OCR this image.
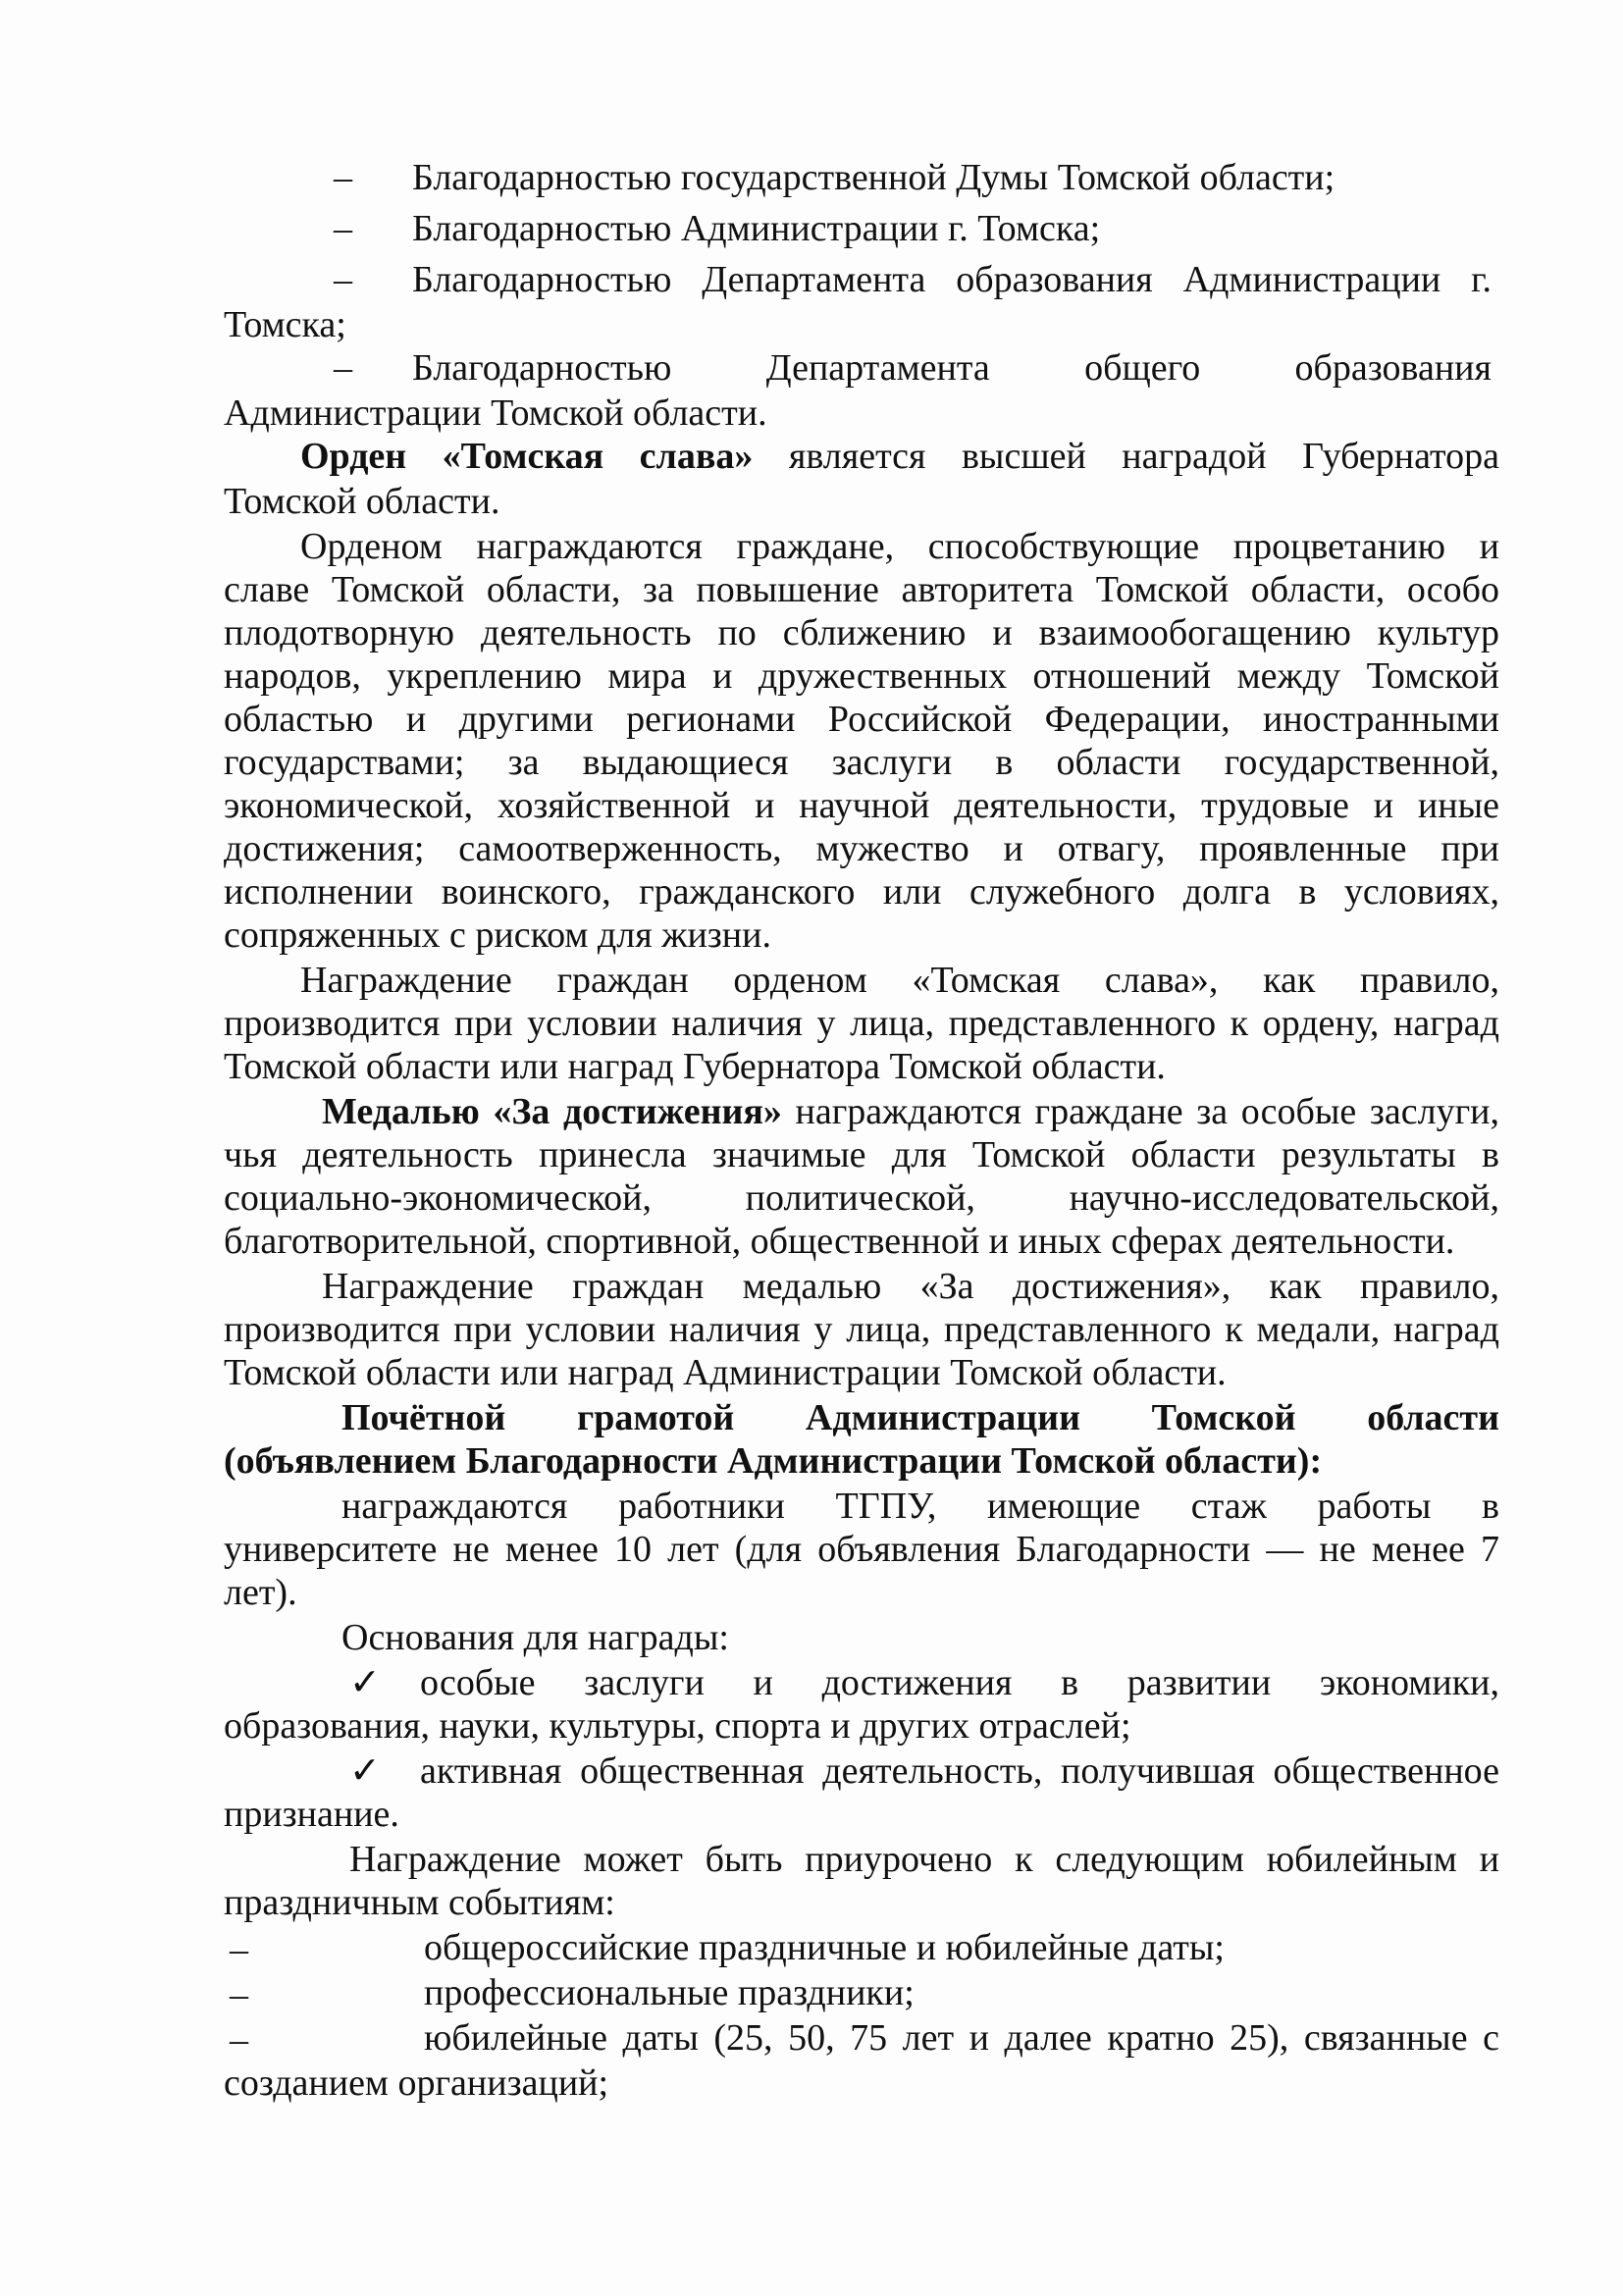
– Благодарностью государственной Думы Томской области;
– Благодарностью Администрации г. Томска;
– Благодарностью Департамента образования Администрации г.
Томска;
– Благодарностью Департамента общего образования
Администрации Томской области.
Орден «Томская слава» является высшей наградой Губернатора
Томской области.
Орденом награждаются граждане, способствующие процветанию и
славе Томской области, за повышение авторитета Томской области, особо
плодотворную деятельность по сближению и взаимообогащению культур
народов, укреплению мира и дружественных отношений между Томской
областью и другими регионами Российской Федерации, иностранными
государствами; за выдающиеся заслуги в области государственной,
экономической, хозяйственной и научной деятельности, трудовые и иные
достижения; самоотверженность, мужество и отвагу, проявленные при
исполнении воинского, гражданского или служебного долга в условиях,
сопряженных с риском для жизни.
Награждение граждан орденом «Томская слава», как правило,
производится при условии наличия у лица, представленного к ордену, наград
Томской области или наград Губернатора Томской области.
Медалью «За достижения» награждаются граждане за особые заслуги,
чья деятельность принесла значимые для Томской области результаты в
социально-экономической, политической, научно-исследовательской,
благотворительной, спортивной, общественной и иных сферах деятельности.
Награждение граждан медалью «За достижения», как правило,
производится при условии наличия у лица, представленного к медали, наград
Томской области или наград Администрации Томской области.
Почётной грамотой Администрации Томской области
(объявлением Благодарности Администрации Томской области):
награждаются работники ТГПУ, имеющие стаж работы в
университете не менее 10 лет (для объявления Благодарности — не менее 7
лет).
Основания для награды:
✓ особые заслуги и достижения в развитии экономики,
образования, науки, культуры, спорта и других отраслей;
✓ активная общественная деятельность, получившая общественное
признание.
Награждение может быть приурочено к следующим юбилейным и
праздничным событиям:
–	общероссийские праздничные и юбилейные даты;
–	профессиональные праздники;
–	юбилейные даты (25, 50, 75 лет и далее кратно 25), связанные с
созданием организаций;
